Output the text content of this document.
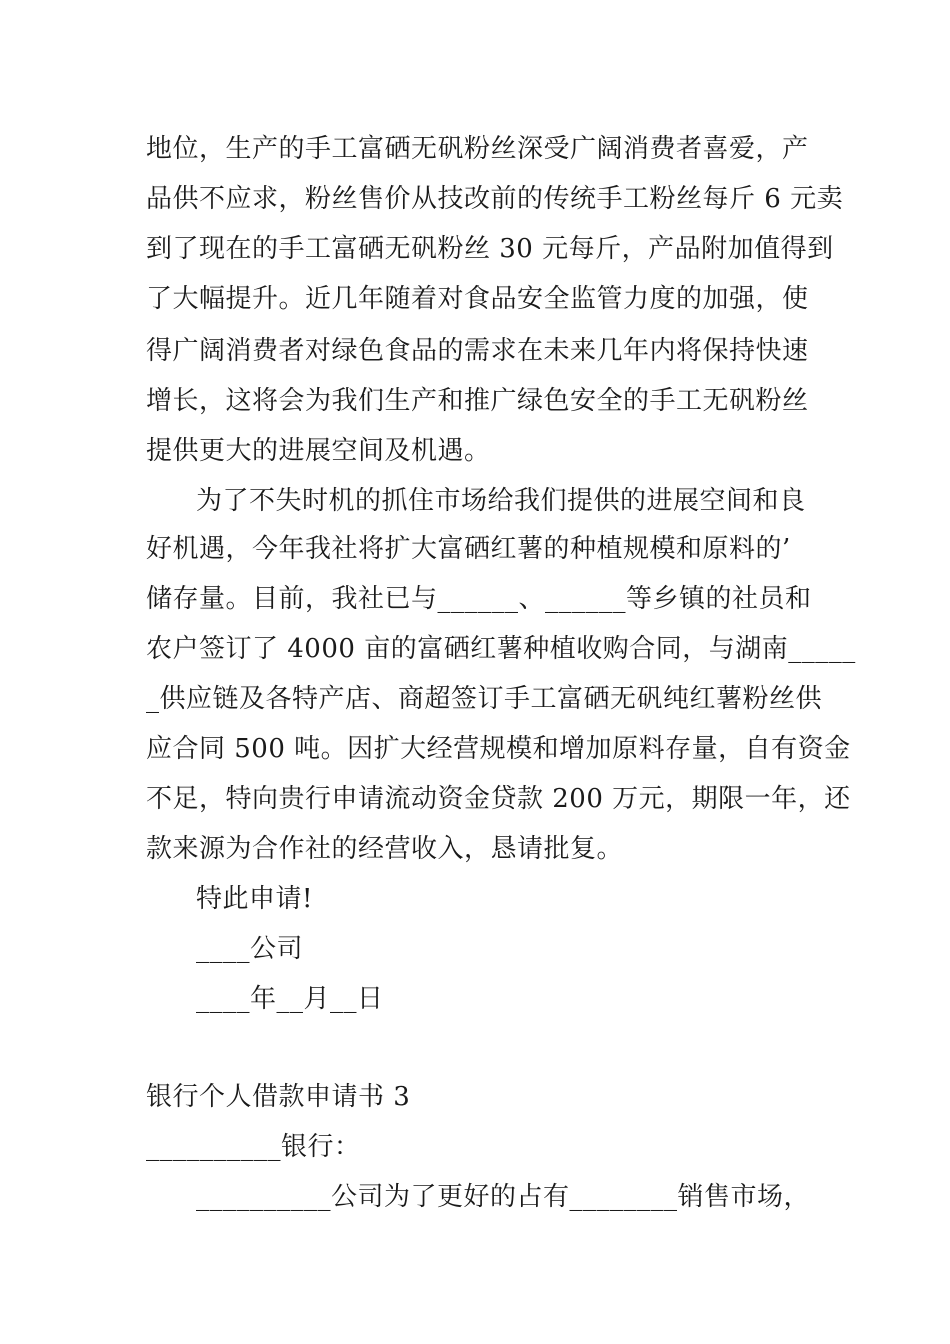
地位，生产的手工富硒无矾粉丝深受广阔消费者喜爱，产
品供不应求，粉丝售价从技改前的传统手工粉丝每斤 6 元卖
到了现在的手工富硒无矾粉丝 30 元每斤，产品附加值得到
了大幅提升。近几年随着对食品安全监管力度的加强，使
得广阔消费者对绿色食品的需求在未来几年内将保持快速
增长，这将会为我们生产和推广绿色安全的手工无矾粉丝
提供更大的进展空间及机遇。
为了不失时机的抓住市场给我们提供的进展空间和良
好机遇，今年我社将扩大富硒红薯的种植规模和原料的’
储存量。目前，我社已与______、______等乡镇的社员和
农户签订了 4000 亩的富硒红薯种植收购合同，与湖南_____
_供应链及各特产店、商超签订手工富硒无矾纯红薯粉丝供
应合同 500 吨。因扩大经营规模和增加原料存量，自有资金
不足，特向贵行申请流动资金贷款 200 万元，期限一年，还
款来源为合作社的经营收入，恳请批复。
特此申请!
____公司
____年__月__日
银行个人借款申请书 3
__________银行：
__________公司为了更好的占有________销售市场，
